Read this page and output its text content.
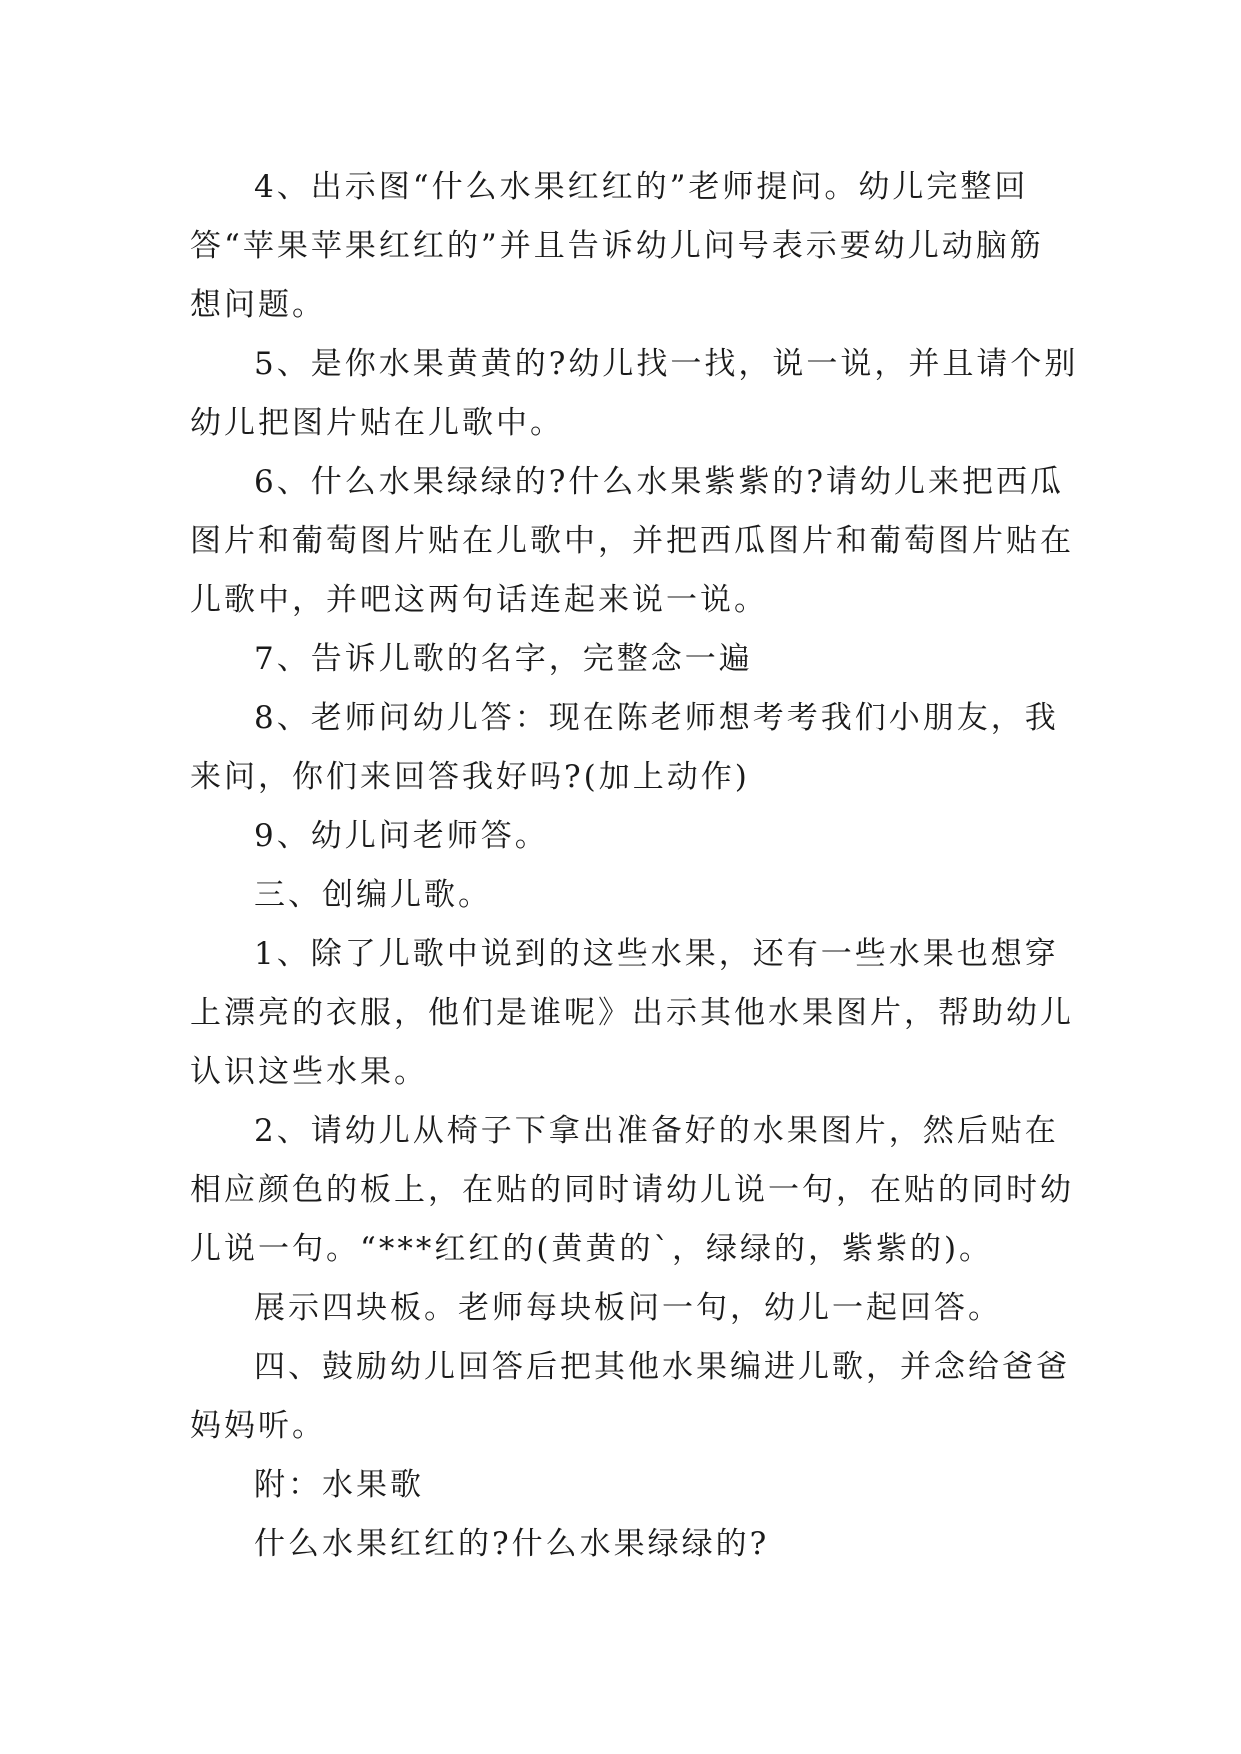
4、出示图“什么水果红红的”老师提问。幼儿完整回

答“苹果苹果红红的”并且告诉幼儿问号表示要幼儿动脑筋

想问题。

5、是你水果黄黄的?幼儿找一找，说一说，并且请个别

幼儿把图片贴在儿歌中。

6、什么水果绿绿的?什么水果紫紫的?请幼儿来把西瓜

图片和葡萄图片贴在儿歌中，并把西瓜图片和葡萄图片贴在

儿歌中，并吧这两句话连起来说一说。

7、告诉儿歌的名字，完整念一遍

8、老师问幼儿答：现在陈老师想考考我们小朋友，我

来问，你们来回答我好吗?(加上动作)

9、幼儿问老师答。

三、创编儿歌。

1、除了儿歌中说到的这些水果，还有一些水果也想穿

上漂亮的衣服，他们是谁呢》出示其他水果图片，帮助幼儿

认识这些水果。

2、请幼儿从椅子下拿出准备好的水果图片，然后贴在

相应颜色的板上，在贴的同时请幼儿说一句，在贴的同时幼

儿说一句。“***红红的(黄黄的`，绿绿的，紫紫的)。

展示四块板。老师每块板问一句，幼儿一起回答。

四、鼓励幼儿回答后把其他水果编进儿歌，并念给爸爸

妈妈听。

附：水果歌

什么水果红红的?什么水果绿绿的?
